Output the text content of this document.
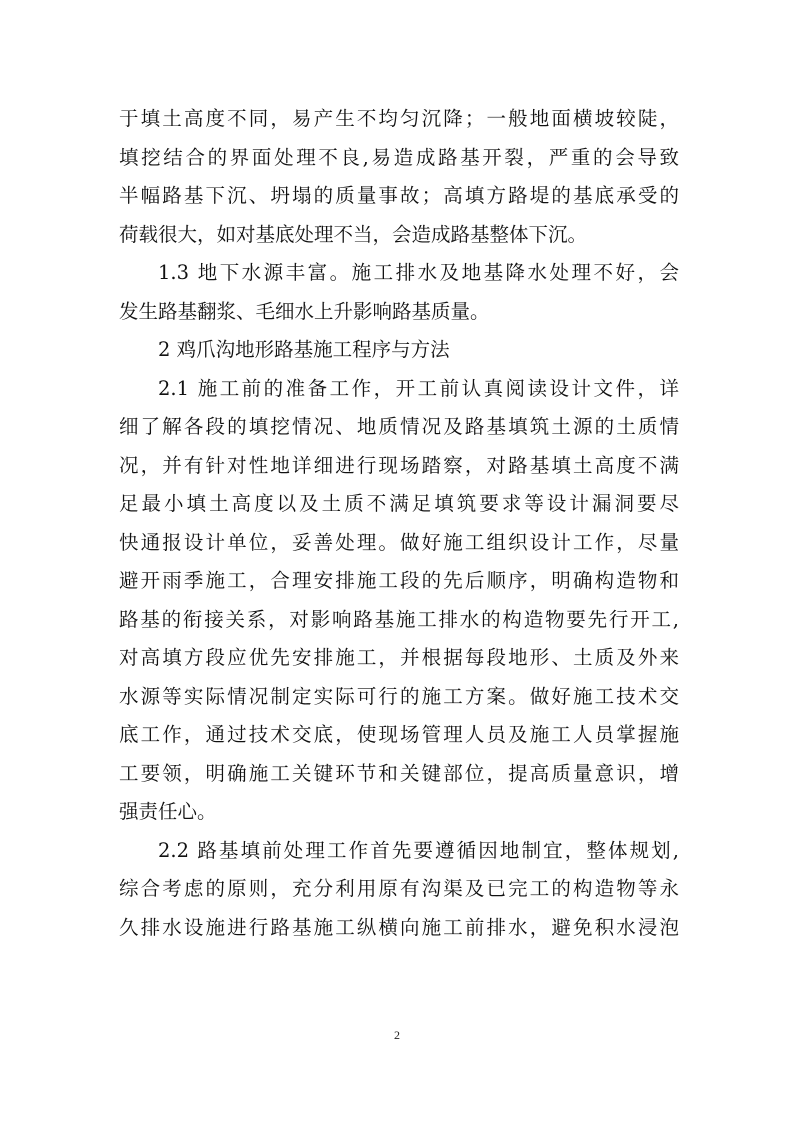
于填土高度不同，易产生不均匀沉降；一般地面横坡较陡，
填挖结合的界面处理不良,易造成路基开裂，严重的会导致
半幅路基下沉、坍塌的质量事故；高填方路堤的基底承受的
荷载很大，如对基底处理不当，会造成路基整体下沉。
1.3 地下水源丰富。施工排水及地基降水处理不好，会
发生路基翻浆、毛细水上升影响路基质量。
2 鸡爪沟地形路基施工程序与方法
2.1 施工前的准备工作，开工前认真阅读设计文件，详
细了解各段的填挖情况、地质情况及路基填筑土源的土质情
况，并有针对性地详细进行现场踏察，对路基填土高度不满
足最小填土高度以及土质不满足填筑要求等设计漏洞要尽
快通报设计单位，妥善处理。做好施工组织设计工作，尽量
避开雨季施工，合理安排施工段的先后顺序，明确构造物和
路基的衔接关系，对影响路基施工排水的构造物要先行开工,
对高填方段应优先安排施工，并根据每段地形、土质及外来
水源等实际情况制定实际可行的施工方案。做好施工技术交
底工作，通过技术交底，使现场管理人员及施工人员掌握施
工要领，明确施工关键环节和关键部位，提高质量意识，增
强责任心。
2.2 路基填前处理工作首先要遵循因地制宜，整体规划,
综合考虑的原则，充分利用原有沟渠及已完工的构造物等永
久排水设施进行路基施工纵横向施工前排水，避免积水浸泡
2
